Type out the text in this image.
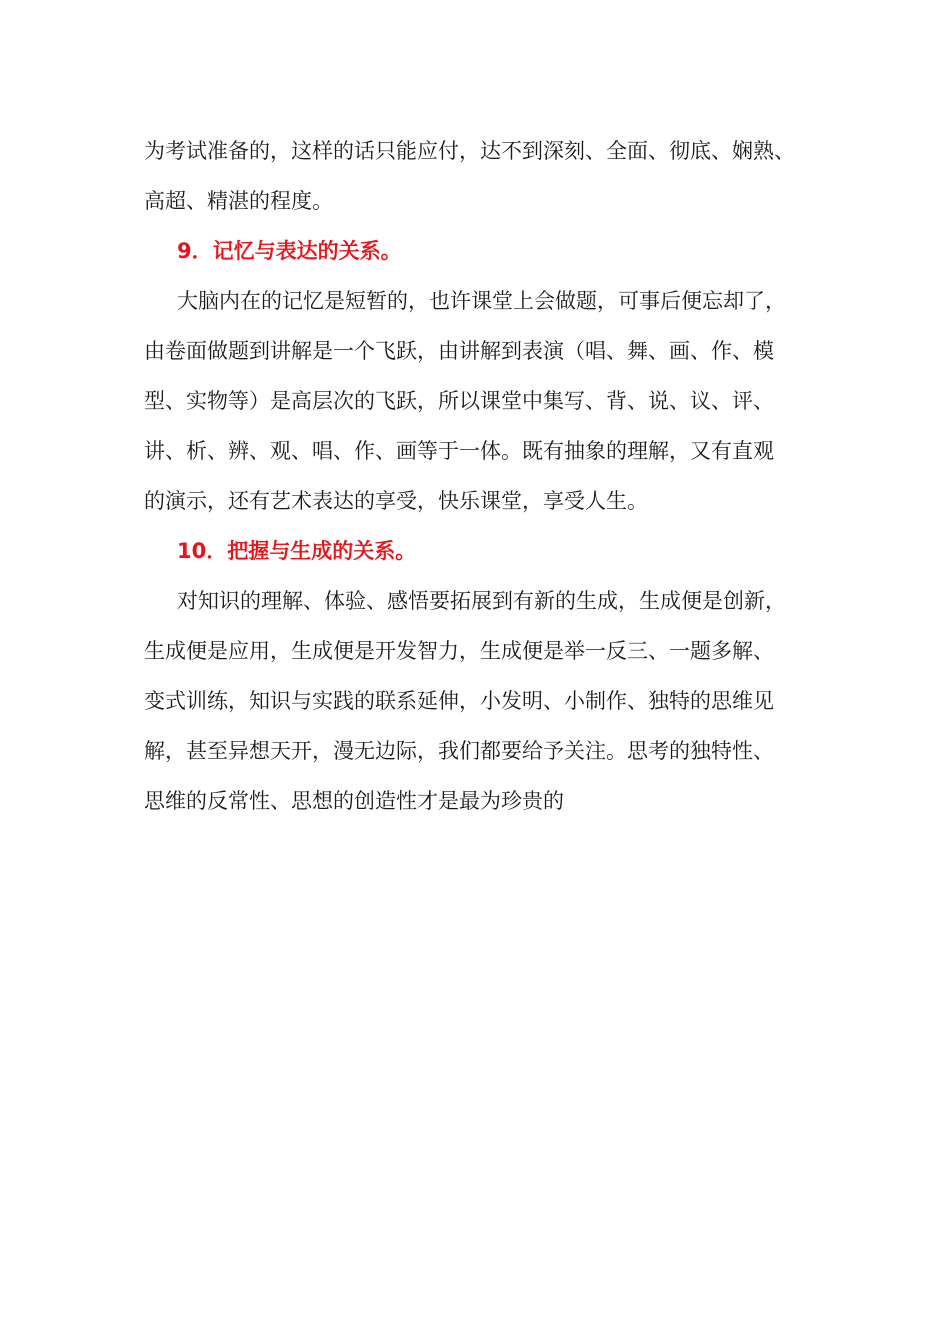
为考试准备的，这样的话只能应付，达不到深刻、全面、彻底、娴熟、
高超、精湛的程度。
9．记忆与表达的关系。
大脑内在的记忆是短暂的，也许课堂上会做题，可事后便忘却了，
由卷面做题到讲解是一个飞跃，由讲解到表演（唱、舞、画、作、模
型、实物等）是高层次的飞跃，所以课堂中集写、背、说、议、评、
讲、析、辨、观、唱、作、画等于一体。既有抽象的理解，又有直观
的演示，还有艺术表达的享受，快乐课堂，享受人生。
10．把握与生成的关系。
对知识的理解、体验、感悟要拓展到有新的生成，生成便是创新，
生成便是应用，生成便是开发智力，生成便是举一反三、一题多解、
变式训练，知识与实践的联系延伸，小发明、小制作、独特的思维见
解，甚至异想天开，漫无边际，我们都要给予关注。思考的独特性、
思维的反常性、思想的创造性才是最为珍贵的
